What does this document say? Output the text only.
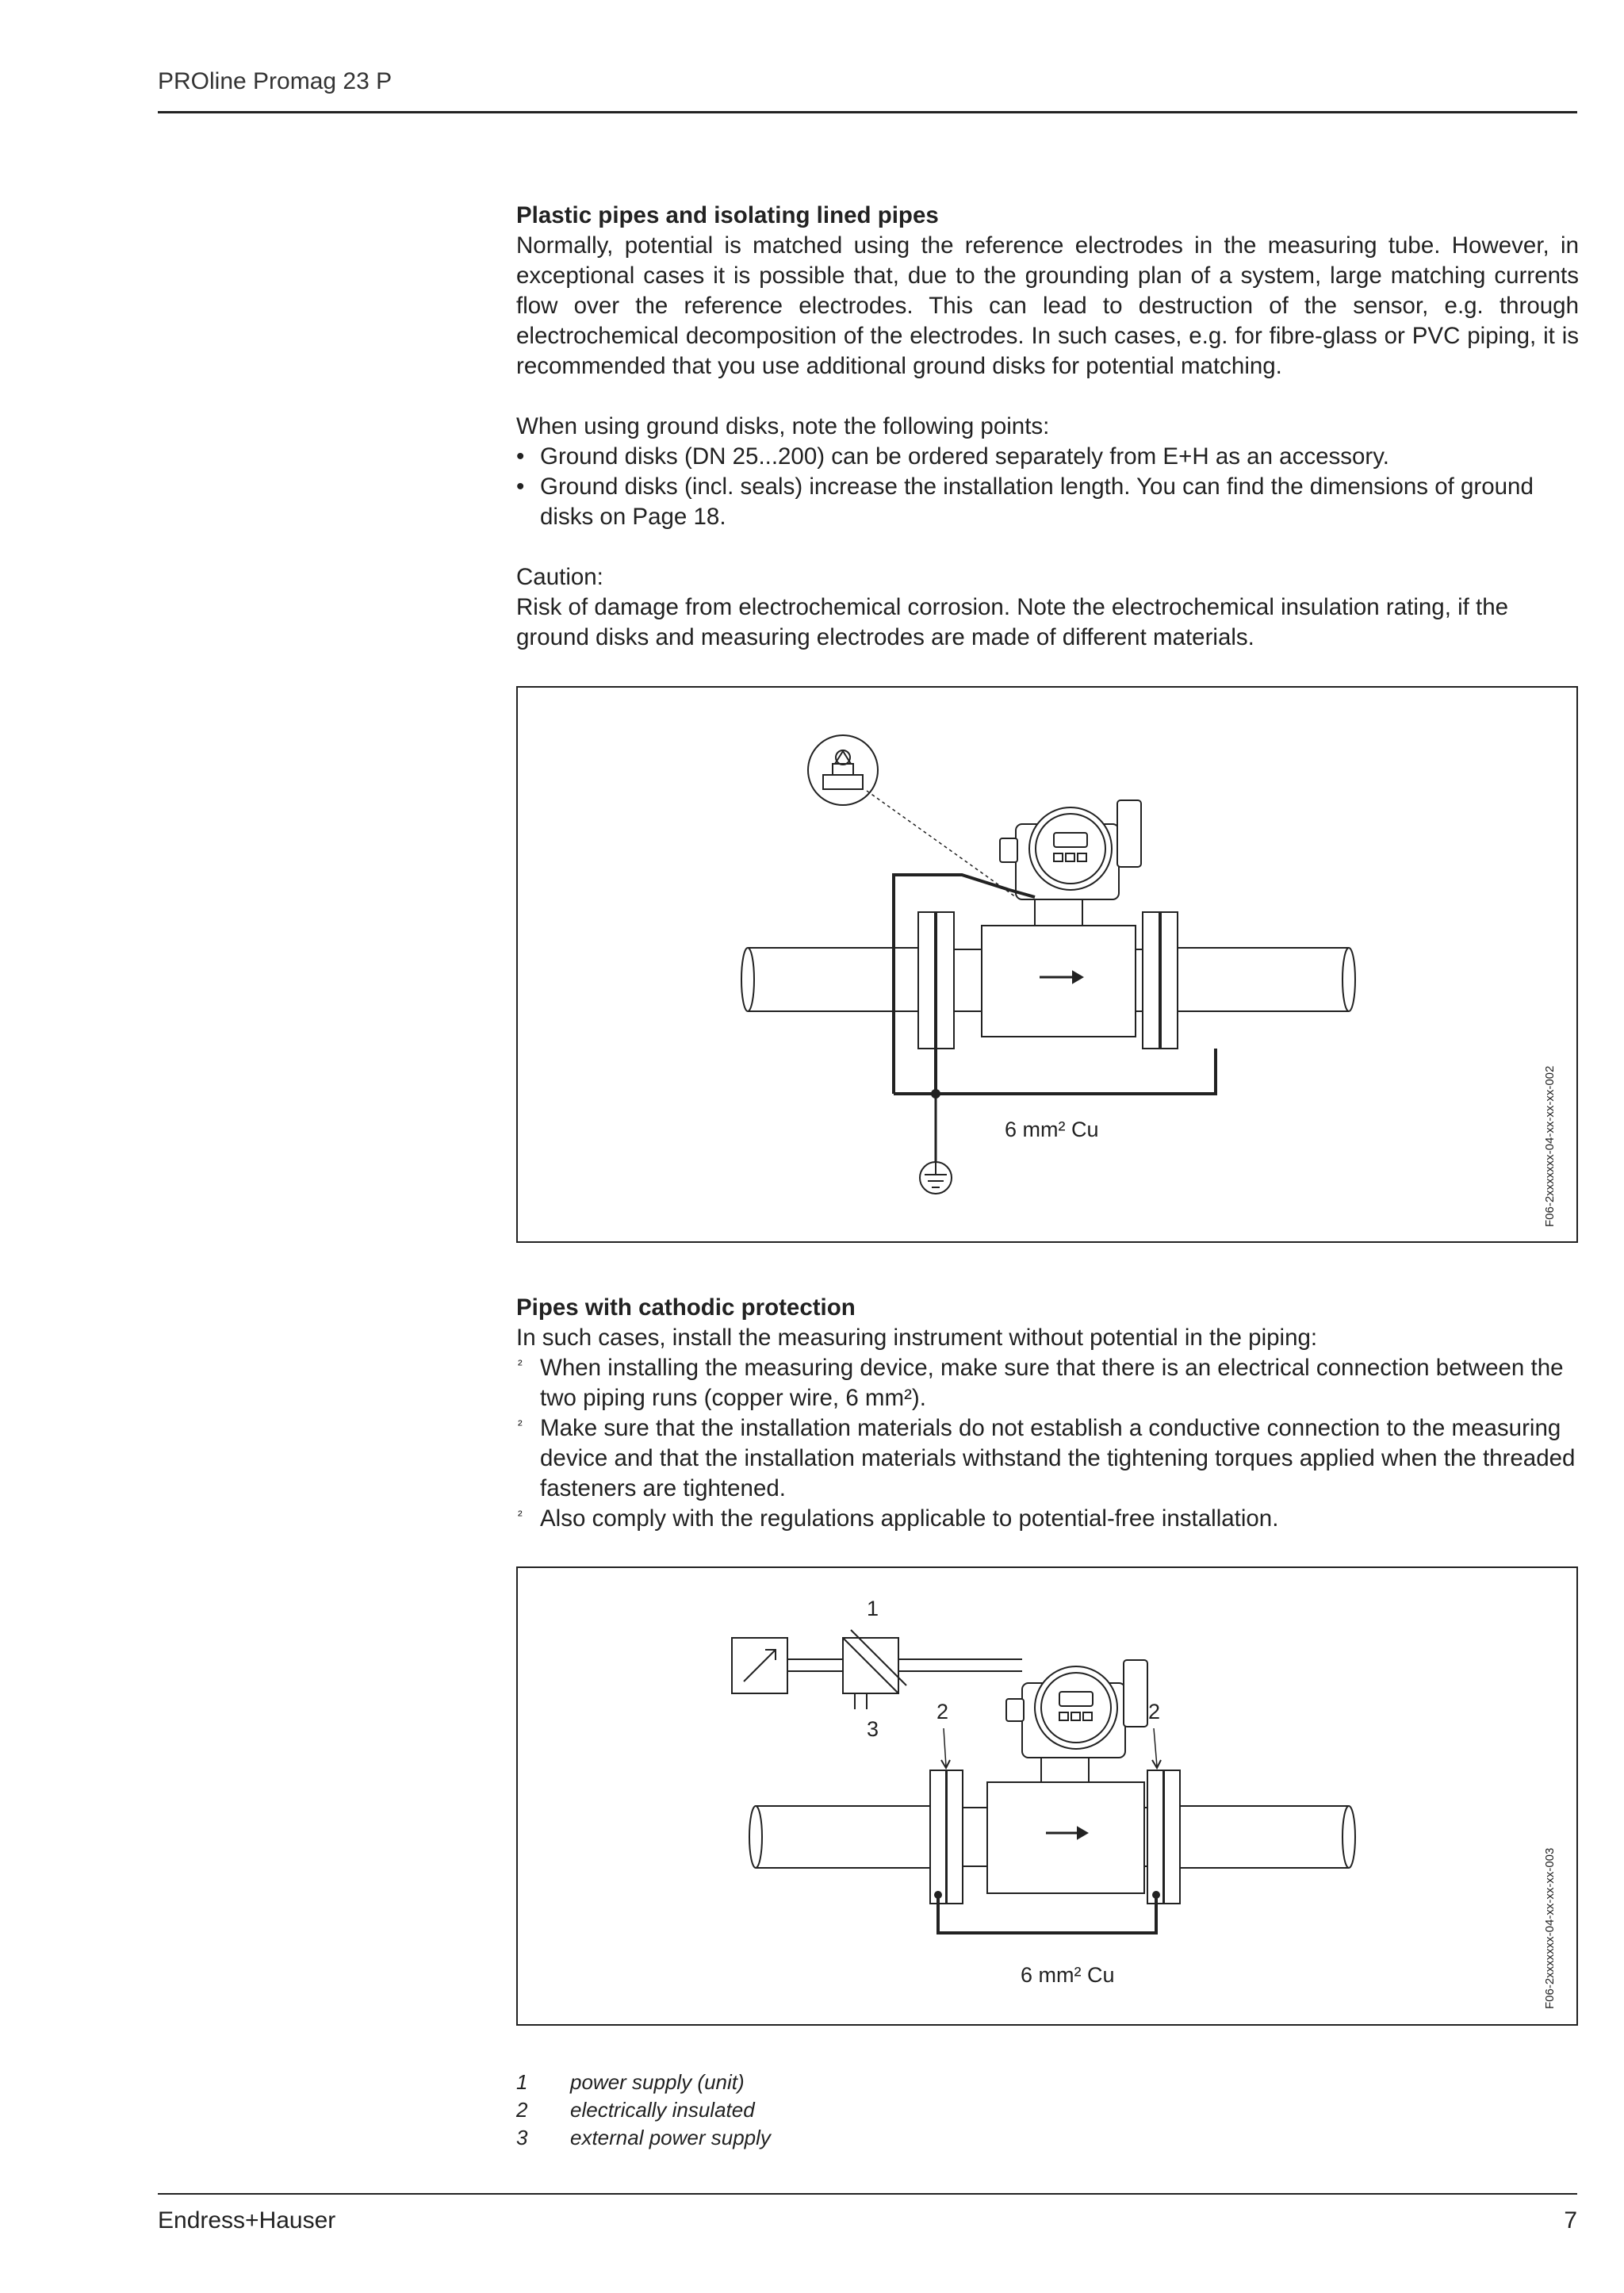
PROline Promag 23 P

Plastic pipes and isolating lined pipes

Normally, potential is matched using the reference electrodes in the measuring tube. However, in exceptional cases it is possible that, due to the grounding plan of a system, large matching currents flow over the reference electrodes. This can lead to destruction of the sensor, e.g. through electrochemical decomposition of the electrodes. In such cases, e.g. for fibre-glass or PVC piping, it is recommended that you use additional ground disks for potential matching.

When using ground disks, note the following points:

• Ground disks (DN 25...200) can be ordered separately from E+H as an accessory.
• Ground disks (incl. seals) increase the installation length. You can find the dimensions of ground disks on Page 18.

Caution:

Risk of damage from electrochemical corrosion. Note the electrochemical insulation rating, if the ground disks and measuring electrodes are made of different materials.

6 mm² Cu	F06-2xxxxxxx-04-xx-xx-xx-002

Pipes with cathodic protection

In such cases, install the measuring instrument without potential in the piping:

² When installing the measuring device, make sure that there is an electrical connection between the two piping runs (copper wire, 6 mm²).
² Make sure that the installation materials do not establish a conductive connection to the measuring device and that the installation materials withstand the tightening torques applied when the threaded fasteners are tightened.
² Also comply with the regulations applicable to potential-free installation.
1
3
2	2
6 mm² Cu	F06-2xxxxxxx-04-xx-xx-xx-003
1	power supply (unit)
2	electrically insulated
3	external power supply
Endress+Hauser	7
